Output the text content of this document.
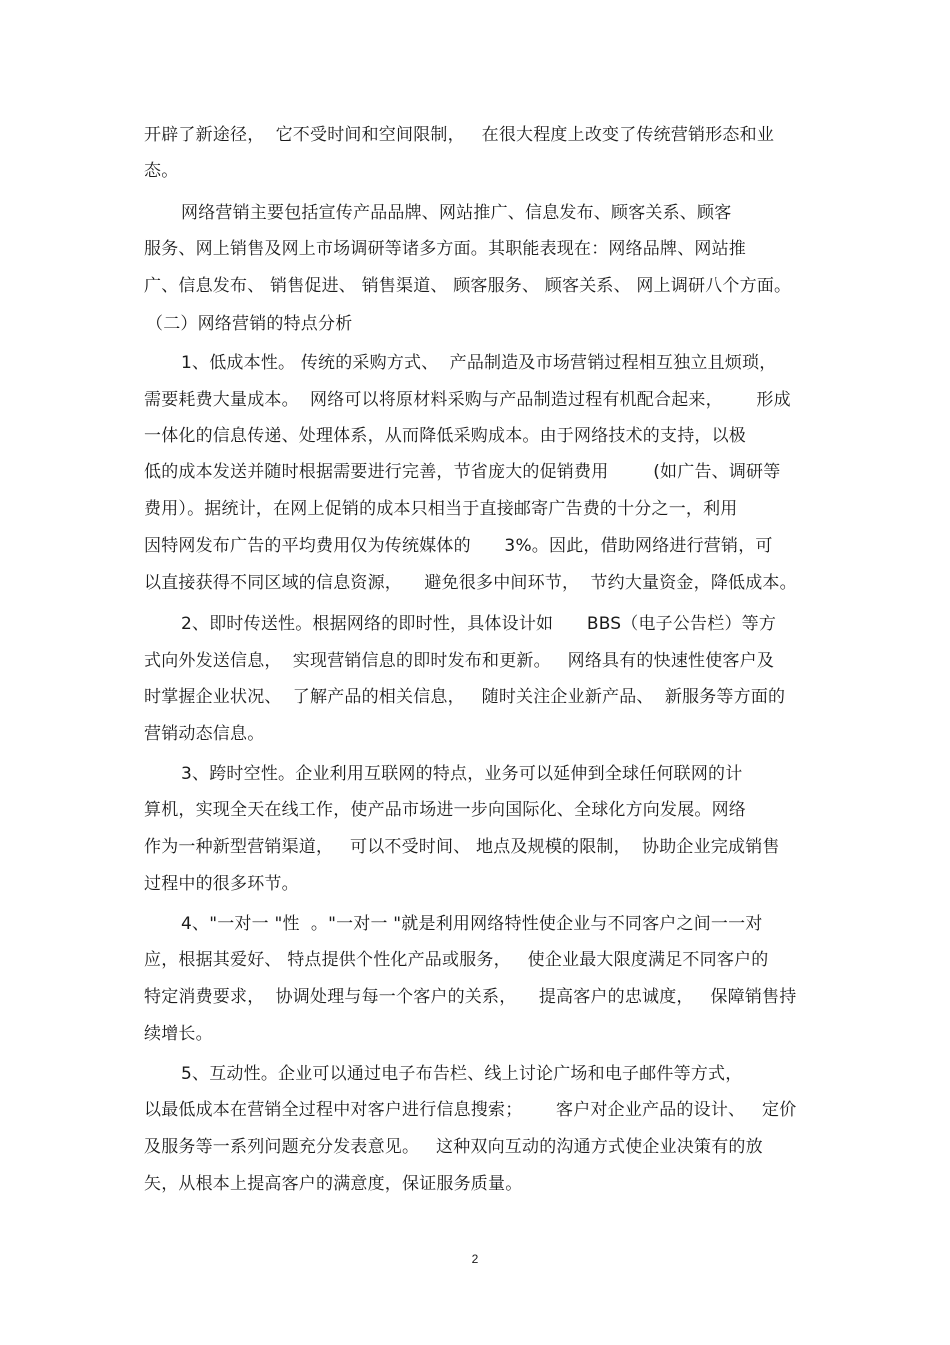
开辟了新途径，  它不受时间和空间限制，   在很大程度上改变了传统营销形态和业
态。
网络营销主要包括宣传产品品牌、网站推广、信息发布、顾客关系、顾客
服务、网上销售及网上市场调研等诸多方面。其职能表现在：网络品牌、网站推
广、信息发布、 销售促进、 销售渠道、 顾客服务、 顾客关系、 网上调研八个方面。
（二）网络营销的特点分析
1、低成本性。 传统的采购方式、  产品制造及市场营销过程相互独立且烦琐，
需要耗费大量成本。  网络可以将原材料采购与产品制造过程有机配合起来，      形成
一体化的信息传递、处理体系，从而降低采购成本。由于网络技术的支持，以极
低的成本发送并随时根据需要进行完善，节省庞大的促销费用        (如广告、调研等
费用）。据统计，在网上促销的成本只相当于直接邮寄广告费的十分之一，利用
因特网发布广告的平均费用仅为传统媒体的      3%。因此，借助网络进行营销，可
以直接获得不同区域的信息资源，    避免很多中间环节，  节约大量资金，降低成本。
2、即时传送性。根据网络的即时性，具体设计如      BBS（电子公告栏）等方
式向外发送信息，  实现营销信息的即时发布和更新。   网络具有的快速性使客户及
时掌握企业状况、  了解产品的相关信息，   随时关注企业新产品、  新服务等方面的
营销动态信息。
3、跨时空性。企业利用互联网的特点，业务可以延伸到全球任何联网的计
算机，实现全天在线工作，使产品市场进一步向国际化、全球化方向发展。网络
作为一种新型营销渠道，   可以不受时间、 地点及规模的限制，  协助企业完成销售
过程中的很多环节。
4、"一对一 "性  。"一对一 "就是利用网络特性使企业与不同客户之间一一对
应，根据其爱好、 特点提供个性化产品或服务，   使企业最大限度满足不同客户的
特定消费要求，  协调处理与每一个客户的关系，    提高客户的忠诚度，   保障销售持
续增长。
5、互动性。企业可以通过电子布告栏、线上讨论广场和电子邮件等方式，
以最低成本在营销全过程中对客户进行信息搜索；      客户对企业产品的设计、   定价
及服务等一系列问题充分发表意见。   这种双向互动的沟通方式使企业决策有的放
矢，从根本上提高客户的满意度，保证服务质量。
2
